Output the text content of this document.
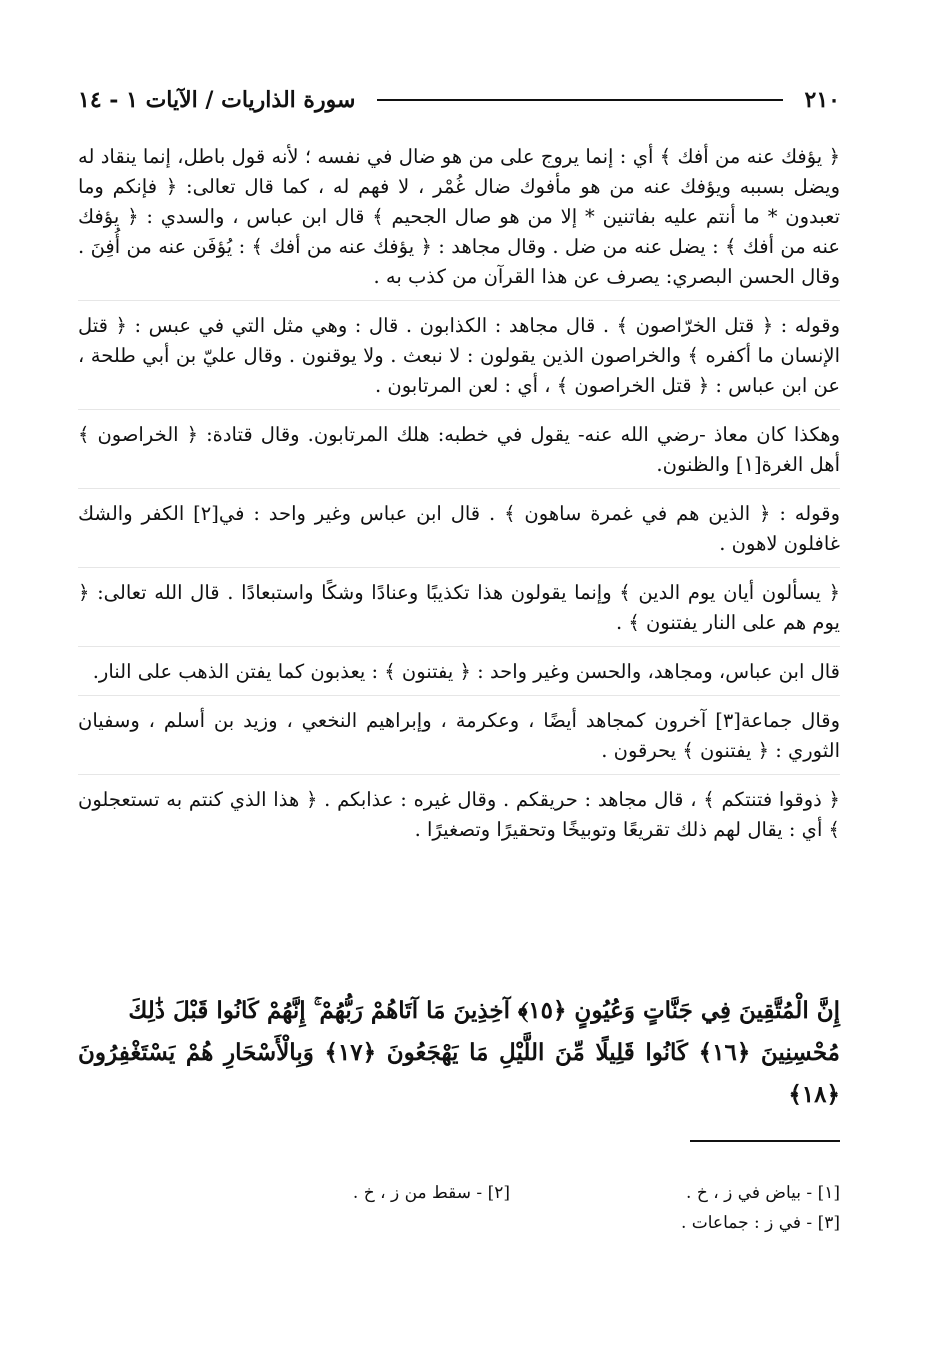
٢١٠
سورة الذاريات / الآيات ١ - ١٤

﴿ يؤفك عنه من أفك ﴾ أي : إنما يروج على من هو ضال في نفسه ؛ لأنه قول باطل، إنما ينقاد له ويضل بسببه ويؤفك عنه من هو مأفوك ضال غُمْر ، لا فهم له ، كما قال تعالى: ﴿ فإنكم وما تعبدون * ما أنتم عليه بفاتنين * إلا من هو صال الجحيم ﴾ قال ابن عباس ، والسدي : ﴿ يؤفك عنه من أفك ﴾ : يضل عنه من ضل . وقال مجاهد : ﴿ يؤفك عنه من أفك ﴾ : يُؤفَن عنه من أُفِنَ . وقال الحسن البصري: يصرف عن هذا القرآن من كذب به .

وقوله : ﴿ قتل الخرّاصون ﴾ . قال مجاهد : الكذابون . قال : وهي مثل التي في عبس : ﴿ قتل الإنسان ما أكفره ﴾ والخراصون الذين يقولون : لا نبعث . ولا يوقنون . وقال عليّ بن أبي طلحة ، عن ابن عباس : ﴿ قتل الخراصون ﴾ ، أي : لعن المرتابون .

وهكذا كان معاذ -رضي الله عنه- يقول في خطبه: هلك المرتابون. وقال قتادة: ﴿ الخراصون ﴾ أهل الغرة[١] والظنون.

وقوله : ﴿ الذين هم في غمرة ساهون ﴾ . قال ابن عباس وغير واحد : في[٢] الكفر والشك غافلون لاهون .

﴿ يسألون أيان يوم الدين ﴾ وإنما يقولون هذا تكذيبًا وعنادًا وشكًا واستبعادًا . قال الله تعالى: ﴿ يوم هم على النار يفتنون ﴾ .

قال ابن عباس، ومجاهد، والحسن وغير واحد : ﴿ يفتنون ﴾ : يعذبون كما يفتن الذهب على النار.

وقال جماعة[٣] آخرون كمجاهد أيضًا ، وعكرمة ، وإبراهيم النخعي ، وزيد بن أسلم ، وسفيان الثوري : ﴿ يفتنون ﴾ يحرقون .

﴿ ذوقوا فتنتكم ﴾ ، قال مجاهد : حريقكم . وقال غيره : عذابكم . ﴿ هذا الذي كنتم به تستعجلون ﴾ أي : يقال لهم ذلك تقريعًا وتوبيخًا وتحقيرًا وتصغيرًا .

إِنَّ الْمُتَّقِينَ فِي جَنَّاتٍ وَعُيُونٍ ﴿١٥﴾ آخِذِينَ مَا آتَاهُمْ رَبُّهُمْ ۚ إِنَّهُمْ كَانُوا قَبْلَ ذَٰلِكَ
مُحْسِنِينَ ﴿١٦﴾ كَانُوا قَلِيلًا مِّنَ اللَّيْلِ مَا يَهْجَعُونَ ﴿١٧﴾ وَبِالْأَسْحَارِ هُمْ يَسْتَغْفِرُونَ ﴿١٨﴾
[١] - بياض في ز ، خ .
[٢] - سقط من ز ، خ .
[٣] - في ز : جماعات .
